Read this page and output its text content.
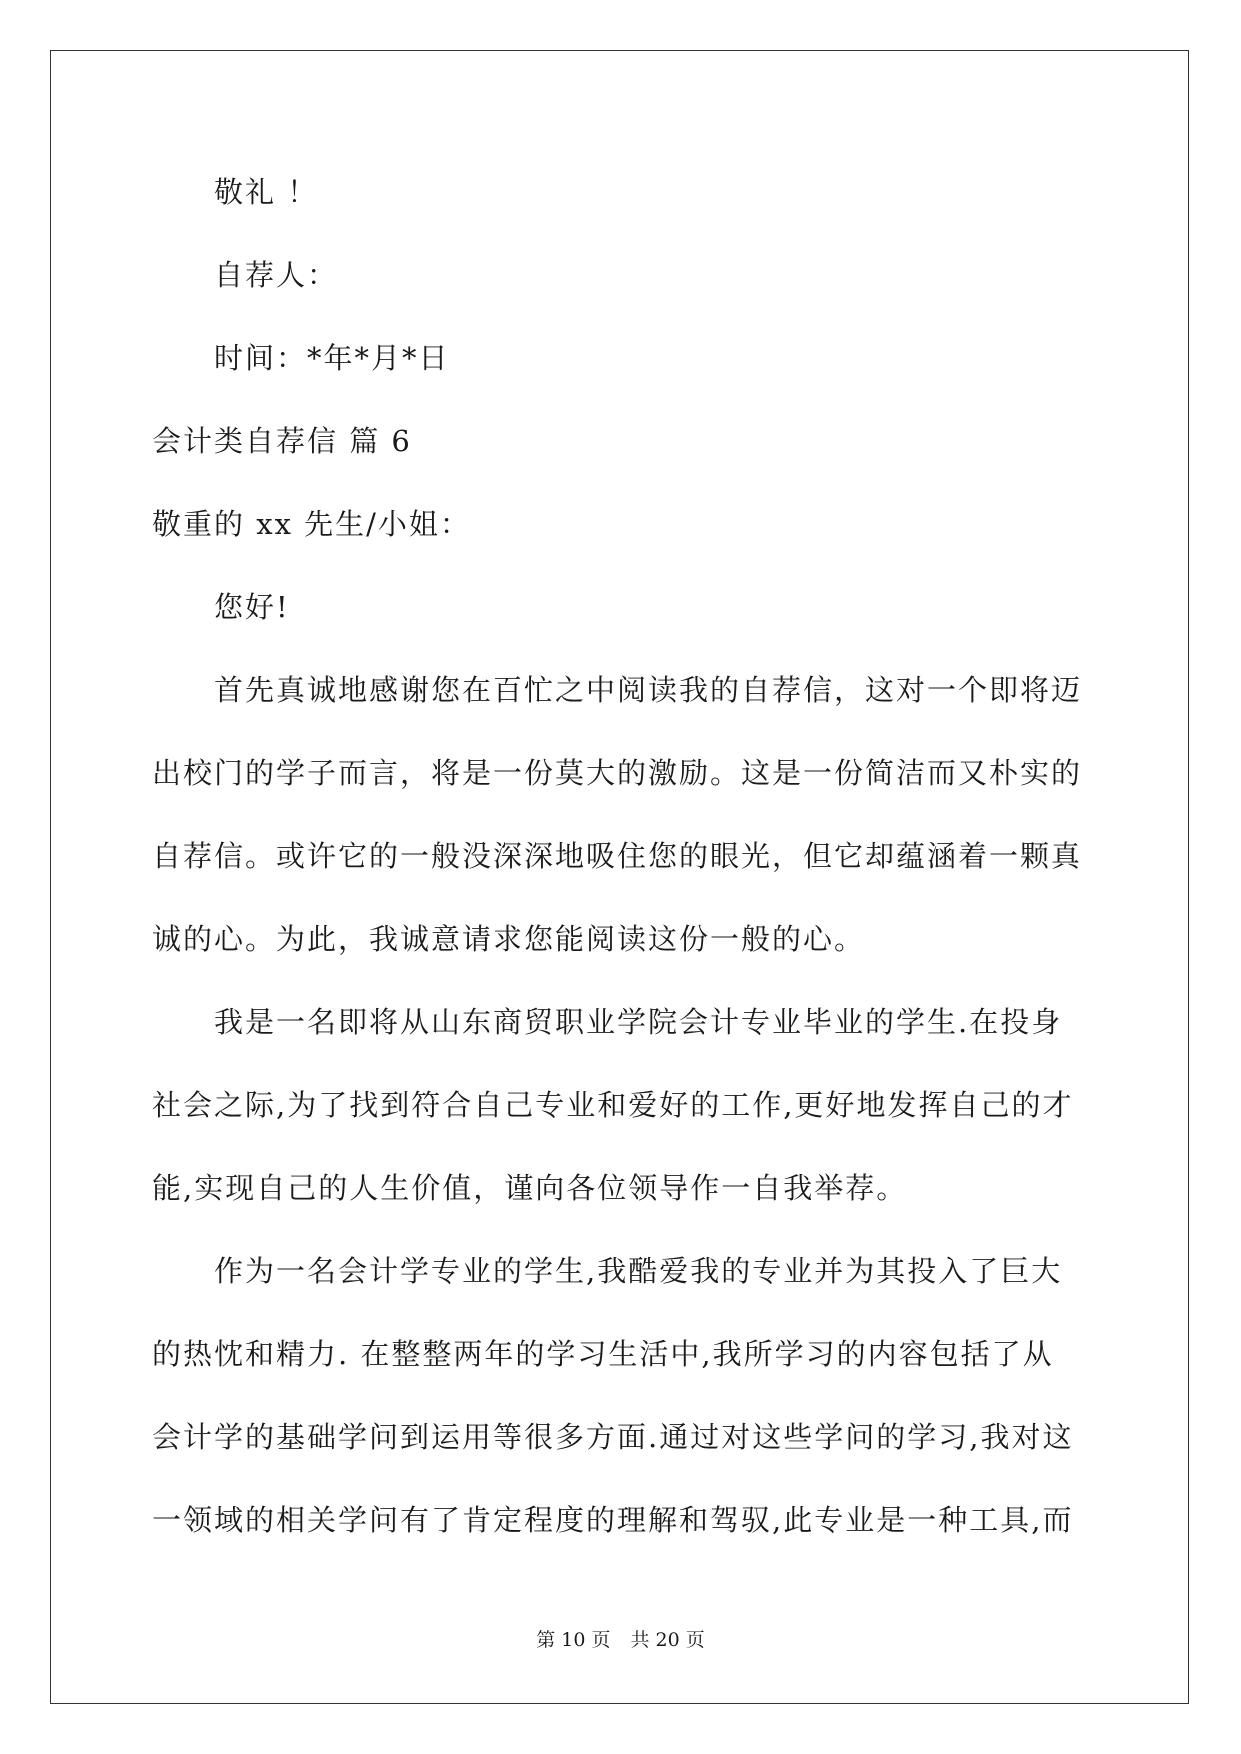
敬礼 ！
自荐人：
时间：*年*月*日
会计类自荐信 篇 6
敬重的 xx 先生/小姐：
您好!
首先真诚地感谢您在百忙之中阅读我的自荐信，这对一个即将迈
出校门的学子而言，将是一份莫大的激励。这是一份简洁而又朴实的
自荐信。或许它的一般没深深地吸住您的眼光，但它却蕴涵着一颗真
诚的心。为此，我诚意请求您能阅读这份一般的心。
我是一名即将从山东商贸职业学院会计专业毕业的学生.在投身
社会之际,为了找到符合自己专业和爱好的工作,更好地发挥自己的才
能,实现自己的人生价值，谨向各位领导作一自我举荐。
作为一名会计学专业的学生,我酷爱我的专业并为其投入了巨大
的热忱和精力. 在整整两年的学习生活中,我所学习的内容包括了从
会计学的基础学问到运用等很多方面.通过对这些学问的学习,我对这
一领域的相关学问有了肯定程度的理解和驾驭,此专业是一种工具,而
第 10 页 共 20 页
